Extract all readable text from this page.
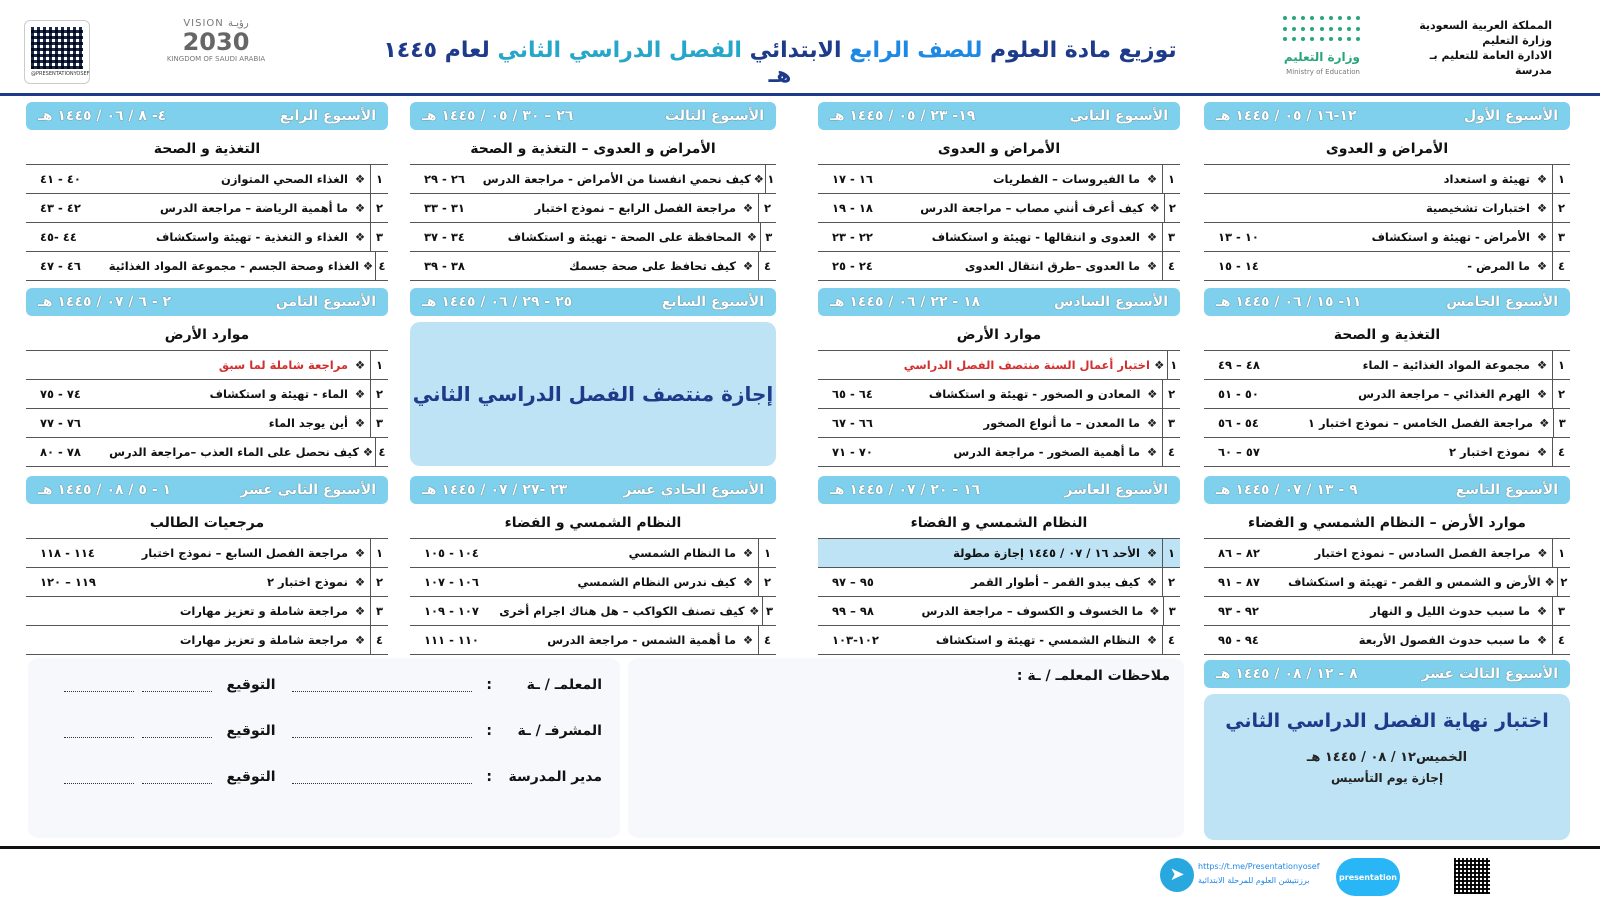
المملكة العربية السعودية
وزارة التعليم
الادارة العامة للتعليم بـ
مدرسة
وزارة التعليم
Ministry of Education
VISION رؤيـة
2030
KINGDOM OF SAUDI ARABIA
@PRESENTATIONYOSEF
توزيع مادة العلوم للصف الرابع الابتدائي الفصل الدراسي الثاني لعام ١٤٤٥ هـ
الأسبوع الأول
١٢-١٦ / ٠٥ / ١٤٤٥ هـ
الأمراض و العدوى
١
❖
تهيئة و استعداد
٢
❖
اختبارات تشخيصية
٣
❖
الأمراض - تهيئة و استكشاف
١٠ - ١٣
٤
❖
ما المرض -
١٤ - ١٥
الأسبوع الثاني
١٩- ٢٣ / ٠٥ / ١٤٤٥ هـ
الأمراض و العدوى
١
❖
ما الفيروسات – الفطريات
١٦ - ١٧
٢
❖
كيف أعرف أنني مصاب – مراجعة الدرس
١٨ - ١٩
٣
❖
العدوى و انتقالها - تهيئة و استكشاف
٢٢ - ٢٣
٤
❖
ما العدوى –طرق انتقال العدوى
٢٤ - ٢٥
الأسبوع الثالث
٢٦ – ٣٠ / ٠٥ / ١٤٤٥ هـ
الأمراض و العدوى – التغذية و الصحة
١
❖
كيف نحمي انفسنا من الأمراض - مراجعة الدرس
٢٦ - ٢٩
٢
❖
مراجعة الفصل الرابع – نموذج اختبار
٣١ - ٣٣
٣
❖
المحافظة على الصحة - تهيئة و استكشاف
٣٤ - ٣٧
٤
❖
كيف تحافظ على صحة جسمك
٣٨ - ٣٩
الأسبوع الرابع
٤- ٨ / ٠٦ / ١٤٤٥ هـ
التغذية و الصحة
١
❖
الغذاء الصحي المتوازن
٤٠ - ٤١
٢
❖
ما أهمية الرياضة – مراجعة الدرس
٤٢ - ٤٣
٣
❖
الغذاء و التغذية - تهيئة واستكشاف
٤٤ -٤٥
٤
❖
الغذاء وصحة الجسم - مجموعة المواد الغذائية
٤٦ - ٤٧
الأسبوع الخامس
١١- ١٥ / ٠٦ / ١٤٤٥ هـ
التغذية و الصحة
١
❖
مجموعة المواد الغذائية – الماء
٤٨ – ٤٩
٢
❖
الهرم الغذائي – مراجعة الدرس
٥٠ - ٥١
٣
❖
مراجعة الفصل الخامس – نموذج اختبار ١
٥٤ - ٥٦
٤
❖
نموذج اختبار ٢
٥٧ – ٦٠
الأسبوع السادس
١٨ - ٢٢ / ٠٦ / ١٤٤٥ هـ
موارد الأرض
١
❖
اختبار أعمال السنة منتصف الفصل الدراسي
٢
❖
المعادن و الصخور - تهيئة و استكشاف
٦٤ - ٦٥
٣
❖
ما المعدن – ما أنواع الصخور
٦٦ - ٦٧
٤
❖
ما أهمية الصخور - مراجعة الدرس
٧٠ - ٧١
الأسبوع السابع
٢٥ - ٢٩ / ٠٦ / ١٤٤٥ هـ
إجازة منتصف الفصل الدراسي الثاني
الأسبوع الثامن
٢ - ٦ / ٠٧ / ١٤٤٥ هـ
موارد الأرض
١
❖
مراجعة شاملة لما سبق
٢
❖
الماء - تهيئة و استكشاف
٧٤ - ٧٥
٣
❖
أين يوجد الماء
٧٦ - ٧٧
٤
❖
كيف نحصل على الماء العذب –مراجعة الدرس
٧٨ - ٨٠
الأسبوع التاسع
٩ - ١٣ / ٠٧ / ١٤٤٥ هـ
موارد الأرض – النظام الشمسي و الفضاء
١
❖
مراجعة الفصل السادس – نموذج اختبار
٨٢ – ٨٦
٢
❖
الأرض و الشمس و القمر - تهيئة و استكشاف
٨٧ – ٩١
٣
❖
ما سبب حدوث الليل و النهار
٩٢ - ٩٣
٤
❖
ما سبب حدوث الفصول الأربعة
٩٤ - ٩٥
الأسبوع العاشر
١٦ - ٢٠ / ٠٧ / ١٤٤٥ هـ
النظام الشمسي و الفضاء
١
❖
الأحد ١٦ / ٠٧ / ١٤٤٥ إجازة مطولة
٢
❖
كيف يبدو القمر – أطوار القمر
٩٥ – ٩٧
٣
❖
ما الخسوف و الكسوف – مراجعة الدرس
٩٨ – ٩٩
٤
❖
النظام الشمسي - تهيئة و استكشاف
١٠٢-١٠٣
الأسبوع الحادي عشر
٢٣ -٢٧ / ٠٧ / ١٤٤٥ هـ
النظام الشمسي و الفضاء
١
❖
ما النظام الشمسي
١٠٤ - ١٠٥
٢
❖
كيف ندرس النظام الشمسي
١٠٦ - ١٠٧
٣
❖
كيف تصنف الكواكب – هل هناك اجرام أخرى
١٠٧ - ١٠٩
٤
❖
ما أهمية الشمس - مراجعة الدرس
١١٠ - ١١١
الأسبوع الثاني عشر
١ - ٥ / ٠٨ / ١٤٤٥ هـ
مرجعيات الطالب
١
❖
مراجعة الفصل السابع – نموذج اختبار
١١٤ - ١١٨
٢
❖
نموذج اختبار ٢
١١٩ – ١٢٠
٣
❖
مراجعة شاملة و تعزيز مهارات
٤
❖
مراجعة شاملة و تعزيز مهارات
الأسبوع الثالث عشر
٨ - ١٢ / ٠٨ / ١٤٤٥ هـ
اختبار نهاية الفصل الدراسي الثاني
الخميس١٢ / ٠٨ / ١٤٤٥ هـ
إجازة يوم التأسيس
ملاحظات المعلمـ / ـة :
المعلمـ / ـة
:
التوقيع
المشرفـ / ـة
:
التوقيع
مدير المدرسة
:
التوقيع
➤	https://t.me/Presentationyosef
برزنتيشن العلوم للمرحلة الابتدائية	presentation
